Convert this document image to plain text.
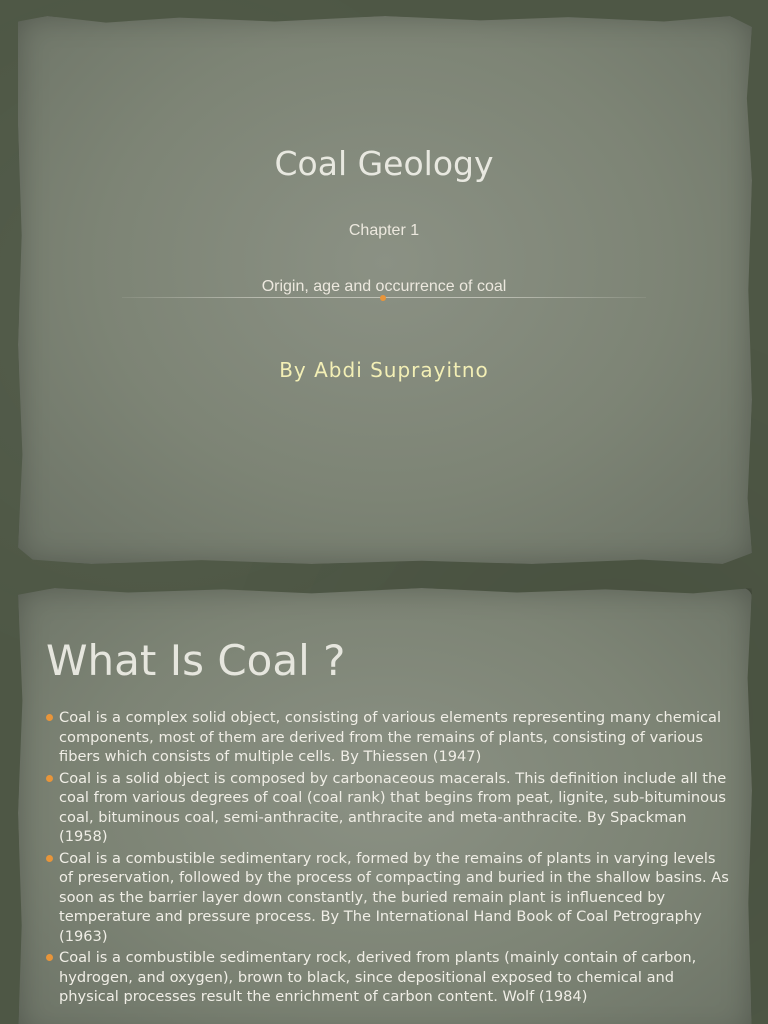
Coal Geology
Chapter 1
Origin, age and occurrence of coal
By Abdi Suprayitno
What Is Coal ?
Coal is a complex solid object, consisting of various elements representing many chemical components, most of them are derived from the remains of plants, consisting of various fibers which consists of multiple cells. By Thiessen (1947)
Coal is a solid object is composed by carbonaceous macerals. This definition include all the coal from various degrees of coal (coal rank) that begins from peat, lignite, sub-bituminous coal, bituminous coal, semi-anthracite, anthracite and meta-anthracite. By Spackman (1958)
Coal is a combustible sedimentary rock, formed by the remains of plants in varying levels of preservation, followed by the process of compacting and buried in the shallow basins. As soon as the barrier layer down constantly, the buried remain plant is influenced by temperature and pressure process. By The International Hand Book of Coal Petrography (1963)
Coal is a combustible sedimentary rock, derived from plants (mainly contain of carbon, hydrogen, and oxygen), brown to black, since depositional exposed to chemical and physical processes result the enrichment of carbon content. Wolf (1984)
